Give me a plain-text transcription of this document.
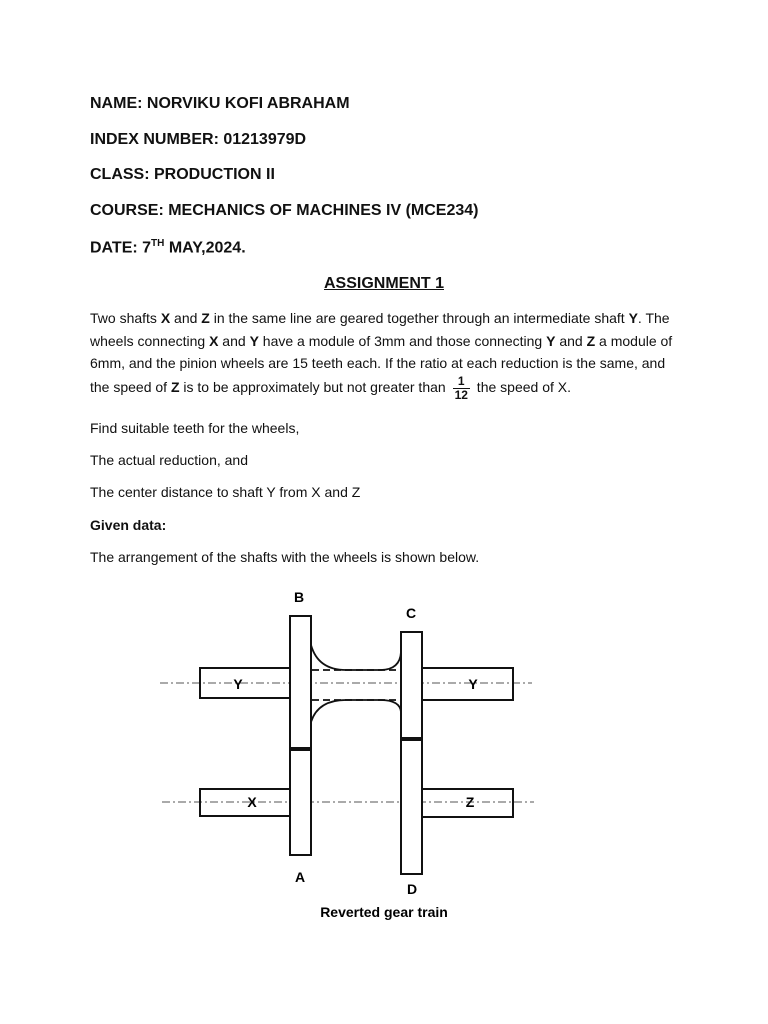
NAME: NORVIKU KOFI ABRAHAM
INDEX NUMBER: 01213979D
CLASS: PRODUCTION II
COURSE: MECHANICS OF MACHINES IV (MCE234)
DATE: 7TH MAY,2024.
ASSIGNMENT 1
Two shafts X and Z in the same line are geared together through an intermediate shaft Y. The wheels connecting X and Y have a module of 3mm and those connecting Y and Z a module of 6mm, and the pinion wheels are 15 teeth each. If the ratio at each reduction is the same, and the speed of Z is to be approximately but not greater than $\frac{1}{12}$ the speed of X.
Find suitable teeth for the wheels,
The actual reduction, and
The center distance to shaft Y from X and Z
Given data:
The arrangement of the shafts with the wheels is shown below.
B
C
A
D
Y	Y
X	Z
Reverted gear train
